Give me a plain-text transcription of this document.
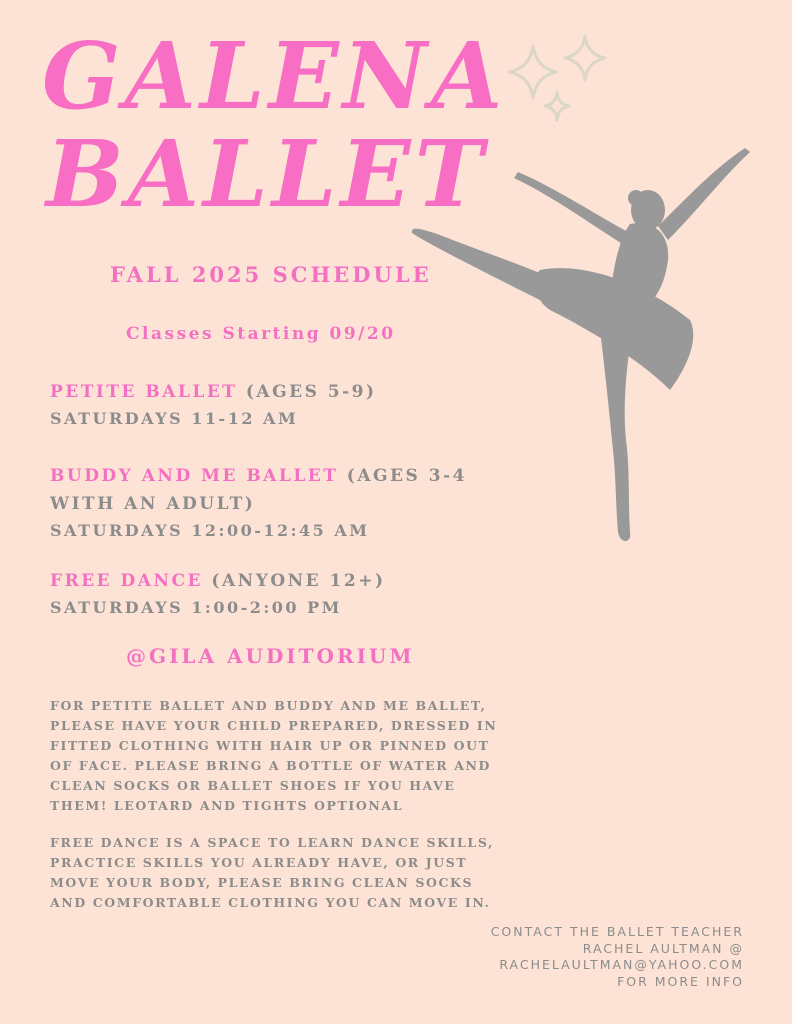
GALENA
BALLET
FALL 2025 SCHEDULE
Classes Starting 09/20
PETITE BALLET (AGES 5-9)
SATURDAYS 11-12 AM
BUDDY AND ME BALLET (AGES 3-4 WITH AN ADULT)
SATURDAYS 12:00-12:45 AM
FREE DANCE (ANYONE 12+)
SATURDAYS 1:00-2:00 PM
@GILA AUDITORIUM

FOR PETITE BALLET AND BUDDY AND ME BALLET, PLEASE HAVE YOUR CHILD PREPARED, DRESSED IN FITTED CLOTHING WITH HAIR UP OR PINNED OUT OF FACE. PLEASE BRING A BOTTLE OF WATER AND CLEAN SOCKS OR BALLET SHOES IF YOU HAVE THEM! LEOTARD AND TIGHTS OPTIONAL

FREE DANCE IS A SPACE TO LEARN DANCE SKILLS, PRACTICE SKILLS YOU ALREADY HAVE, OR JUST MOVE YOUR BODY, PLEASE BRING CLEAN SOCKS AND COMFORTABLE CLOTHING YOU CAN MOVE IN.

CONTACT THE BALLET TEACHER
RACHEL AULTMAN @
RACHELAULTMAN@YAHOO.COM
FOR MORE INFO
